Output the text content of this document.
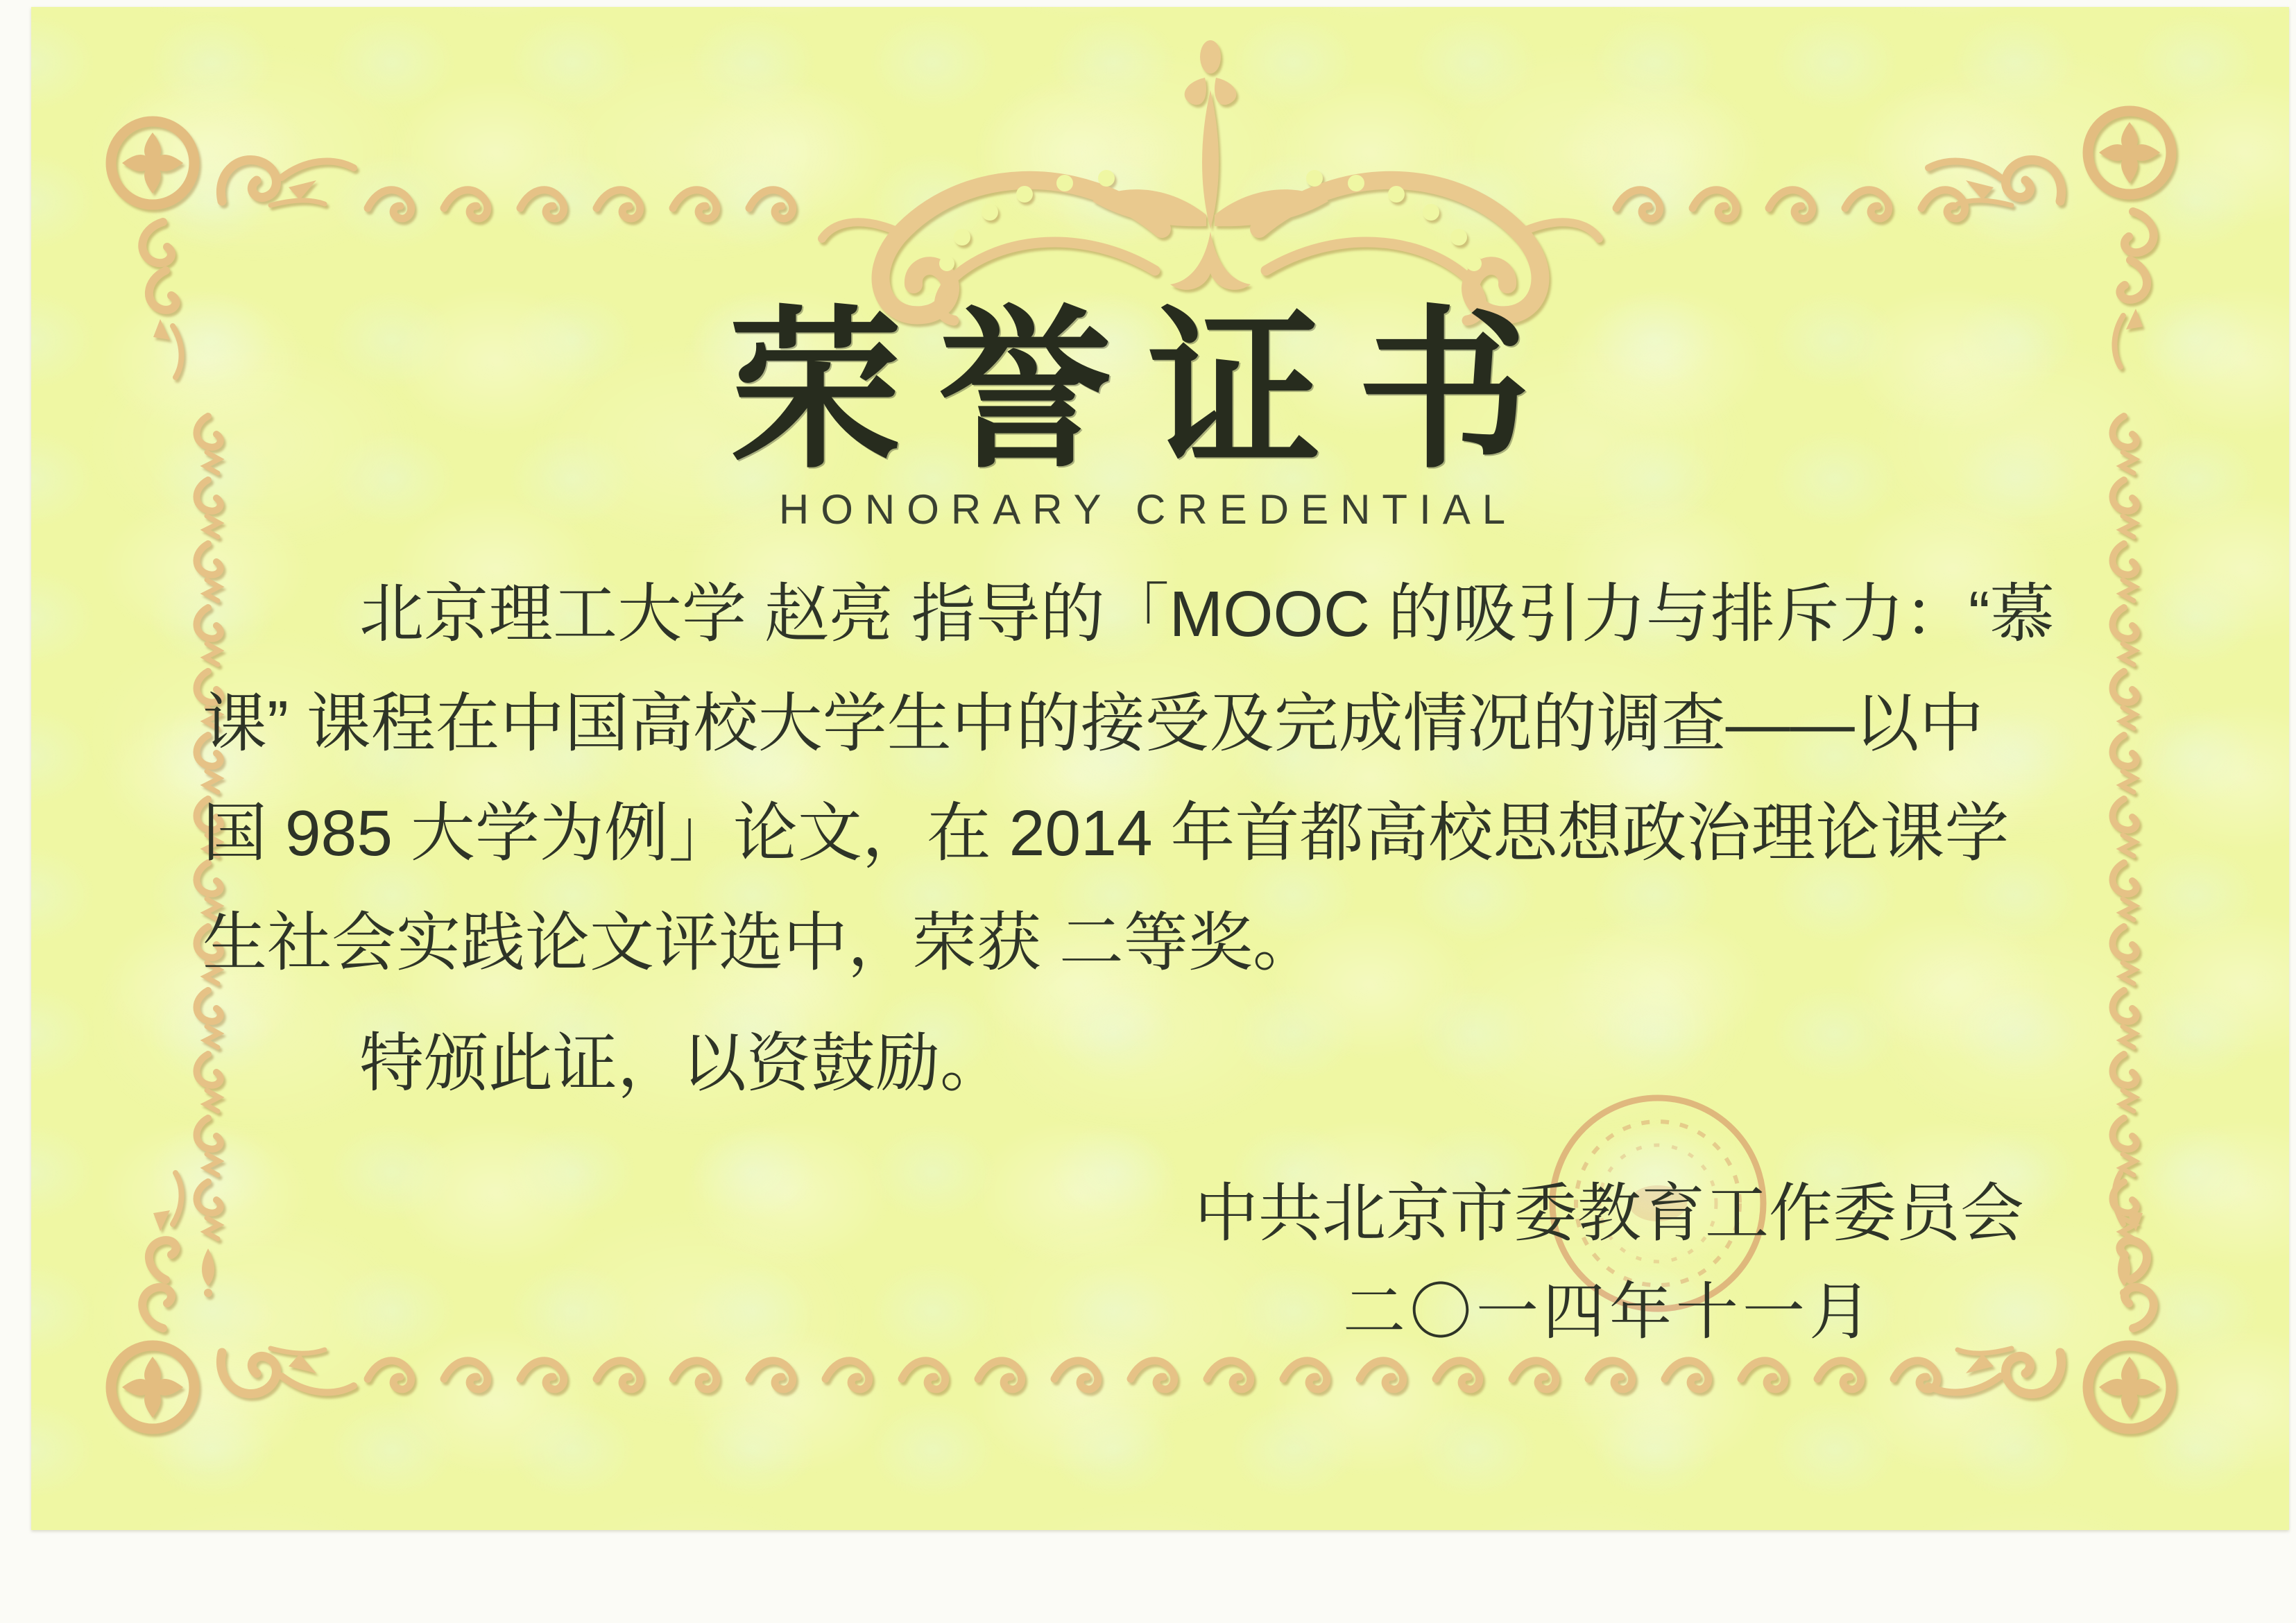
荣誉证书
HONORARY CREDENTIAL
北京理工大学 赵亮 指导的「MOOC 的吸引力与排斥力：“慕
课” 课程在中国高校大学生中的接受及完成情况的调查——以中
国 985 大学为例」论文，在 2014 年首都高校思想政治理论课学
生社会实践论文评选中，荣获 二等奖。
特颁此证，以资鼓励。
中共北京市委教育工作委员会
二〇一四年十一月
